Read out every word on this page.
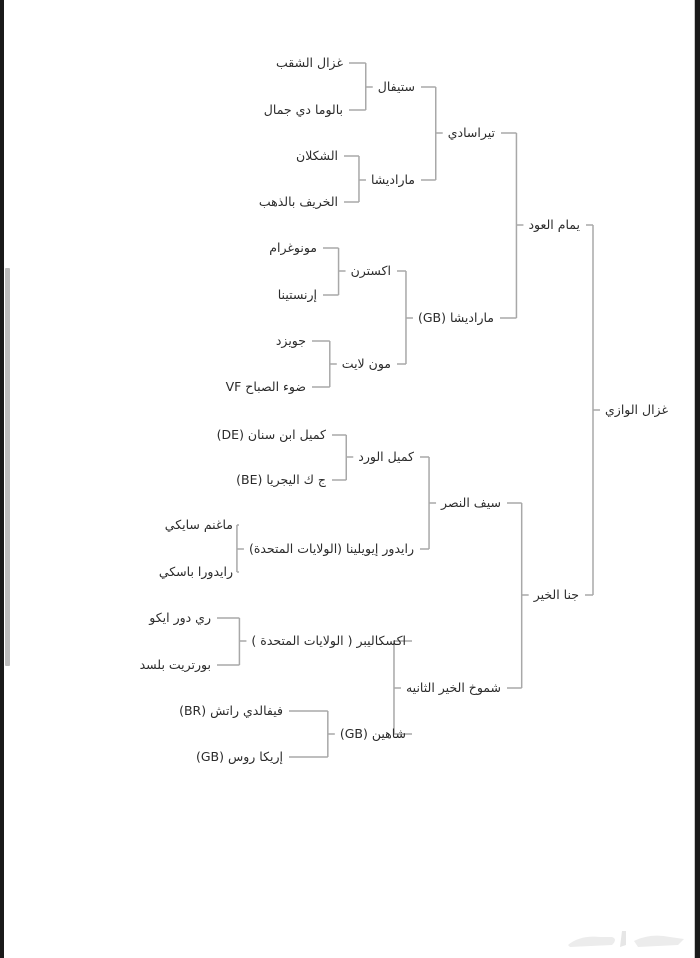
غزال الشقب
بالوما دي جمال
الشكلان
الخريف بالذهب
مونوغرام
إرنستينا
جويزد
ضوء الصباح VF
كميل ابن سنان (DE)
ج ك اليجريا (BE)
ماغنم سايكي
رايدورا باسكي
ري دور ايكو
بورتريت بلسد
فيفالدي راتش (BR)
إريكا روس (GB)
ستيفال
مارادیشا
اكسترن
مون لايت
كميل الورد
رايدور إيويلينا (الولايات المتحدة)
اكسكاليبر ( الولايات المتحدة )
شاهين (GB)
تيراسادي
مارادیشا (GB)
سيف النصر
شموخ الخير الثانيه
يمام العود
جنا الخير
غزال الوازي
